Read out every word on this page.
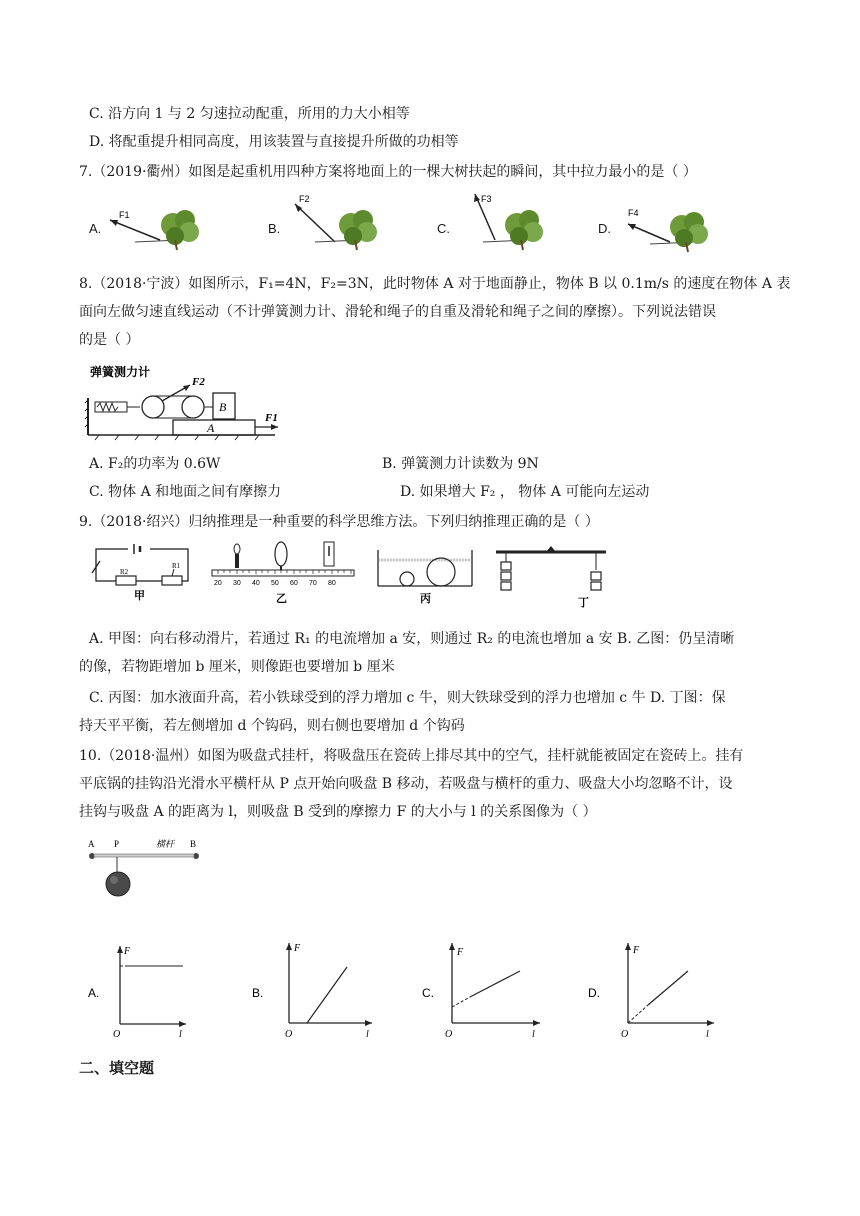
C. 沿方向 1 与 2 匀速拉动配重，所用的力大小相等
D. 将配重提升相同高度，用该装置与直接提升所做的功相等
7.（2019·衢州）如图是起重机用四种方案将地面上的一棵大树扶起的瞬间，其中拉力最小的是（ ）
A.
F1
B.
F2
C.
F3
D.
F4
8.（2018·宁波）如图所示，F₁=4N，F₂=3N，此时物体 A 对于地面静止，物体 B 以 0.1m/s 的速度在物体 A 表
面向左做匀速直线运动（不计弹簧测力计、滑轮和绳子的自重及滑轮和绳子之间的摩擦）。下列说法错误
的是（ ）
弹簧测力计
F2
B
A
F1
A. F₂的功率为 0.6W	B. 弹簧测力计读数为 9N
C. 物体 A 和地面之间有摩擦力	D. 如果增大 F₂ ， 物体 A 可能向左运动
9.（2018·绍兴）归纳推理是一种重要的科学思维方法。下列归纳推理正确的是（ ）
R2
R1
甲
20 30 40 50 60 70 80
乙	丙	丁
A. 甲图：向右移动滑片，若通过 R₁ 的电流增加 a 安，则通过 R₂ 的电流也增加 a 安 B. 乙图：仍呈清晰
的像，若物距增加 b 厘米，则像距也要增加 b 厘米
C. 丙图：加水液面升高，若小铁球受到的浮力增加 c 牛，则大铁球受到的浮力也增加 c 牛 D. 丁图：保
持天平平衡，若左侧增加 d 个钩码，则右侧也要增加 d 个钩码
10.（2018·温州）如图为吸盘式挂杆，将吸盘压在瓷砖上排尽其中的空气，挂杆就能被固定在瓷砖上。挂有
平底锅的挂钩沿光滑水平横杆从 P 点开始向吸盘 B 移动，若吸盘与横杆的重力、吸盘大小均忽略不计，设
挂钩与吸盘 A 的距离为 l，则吸盘 B 受到的摩擦力 F 的大小与 l 的关系图像为（ ）
A P	横杆 B
A.
F
O	l
B.
F
O	l
C.
F
O	l
D.
F
O	l
二、填空题
